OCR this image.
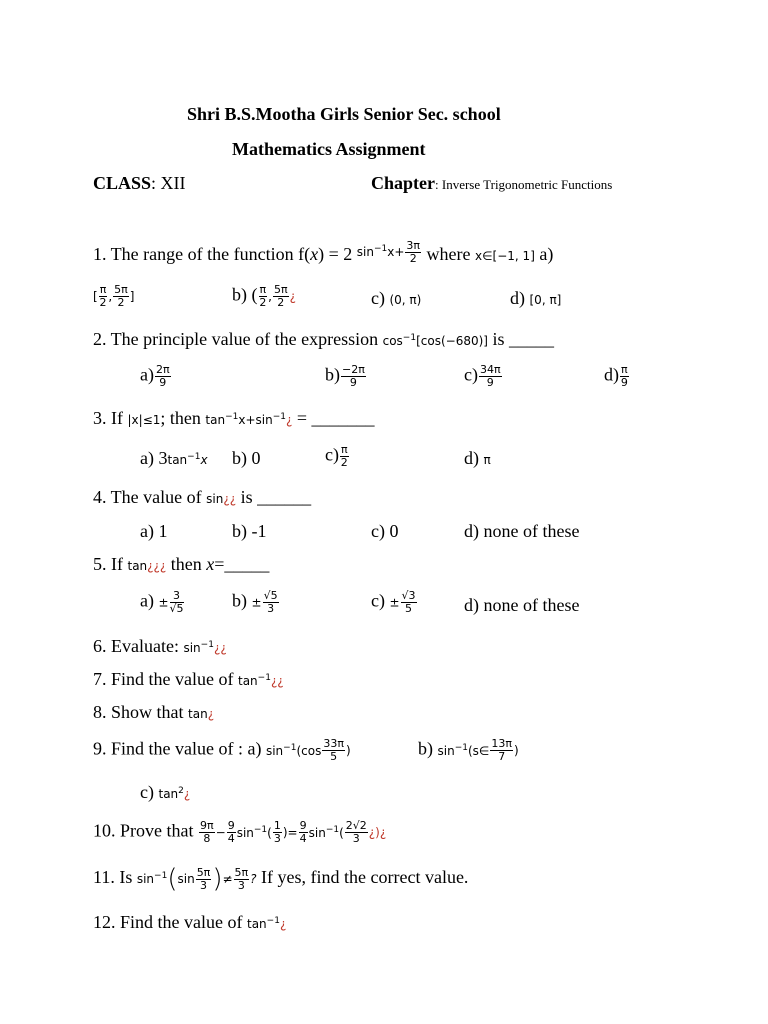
Shri B.S.Mootha Girls Senior Sec. school
Mathematics Assignment
CLASS: XII	Chapter: Inverse Trigonometric Functions
1. The range of the function f(x) = 2 $^{sin^{-1}x+ \frac{3\pi}{2}}$ where x∈[−1, 1] a)
[ $\frac{\pi}{2}$ , $\frac{5\pi}{2}$ ]	b) ( $\frac{\pi}{2}$ , $\frac{5\pi}{2}$ ¿	c) (0, π)	d) [0, π]
2. The principle value of the expression $\cos^{-1}[\cos(-680)]$ is _____
$a) \frac{2\pi}{9}$	$b) \frac{-2\pi}{9}$	$c) \frac{34\pi}{9}$	$d) \frac{\pi}{9}$
3. If |x|≤1; then $\tan^{-1}x+\sin^{-1}¿$ = _______
a) $3\tan^{-1}x$ b) 0	$c) \frac{\pi}{2}$	d) π
4. The value of sin¿¿ is ______
a) 1	b) -1	c) 0	d) none of these
5. If tan¿¿¿ then x=_____
$a) \pm \frac{3}{√5}$	$b) \pm \frac{√5}{3}$	$c) \pm \frac{√3}{5}$	d) none of these
6. Evaluate: $\sin^{-1}¿¿$
7. Find the value of $\tan^{-1}¿¿$
8. Show that tan¿
9. Find the value of : a) $\sin^{-1}(\cos \frac{33\pi}{5}$ )	b) $\sin^{-1}(s\in \frac{13\pi}{7}$ )
c) $\tan^2¿$
10. Prove that $\frac{9\pi}{8} - \frac{9}{4} \sin^{-1}( \frac{1}{3}$ )= $\frac{9}{4} \sin^{-1}( \frac{2√2}{3}$ ¿)¿
11. Is $\sin^{-1}(\sin \frac{5\pi}{3}$ )≠ $\frac{5\pi}{3}$ ? If yes, find the correct value.
12. Find the value of $\tan^{-1}¿$
